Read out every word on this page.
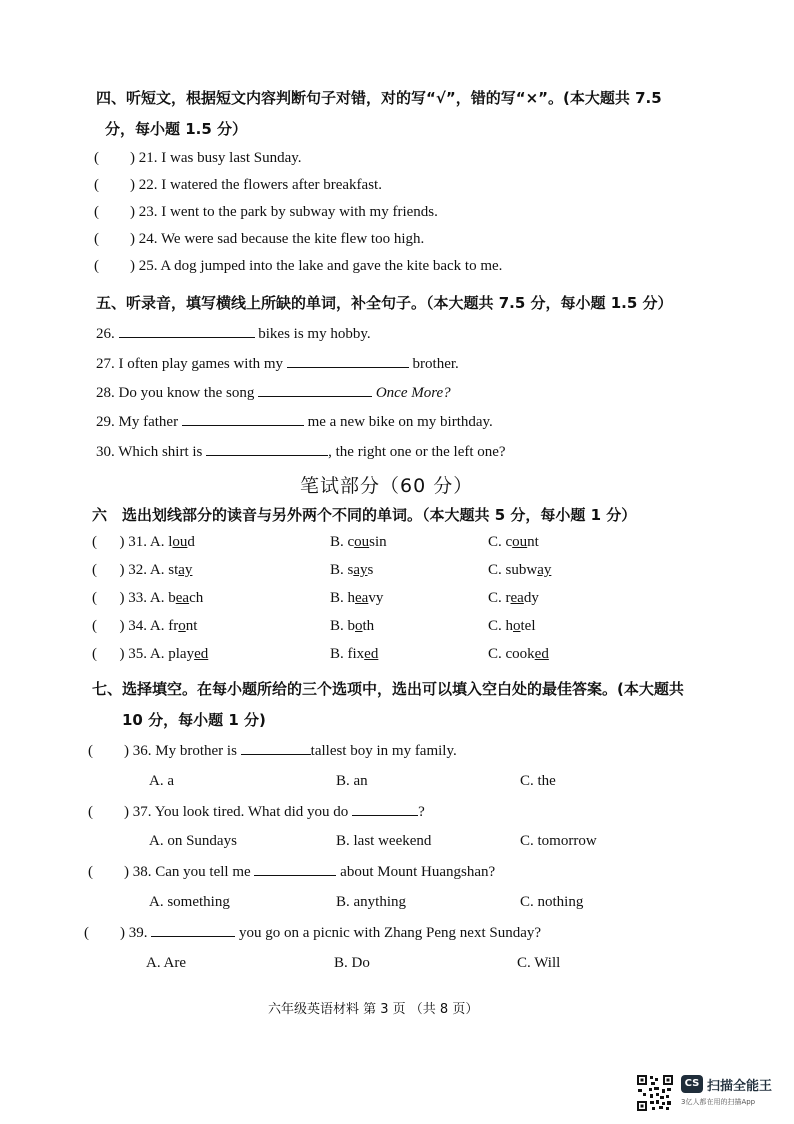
四、听短文，根据短文内容判断句子对错，对的写“√”，错的写“×”。(本大题共 7.5
分，每小题 1.5 分）
( ) 21. I was busy last Sunday.
( ) 22. I watered the flowers after breakfast.
( ) 23. I went to the park by subway with my friends.
( ) 24. We were sad because the kite flew too high.
( ) 25. A dog jumped into the lake and gave the kite back to me.
五、听录音，填写横线上所缺的单词，补全句子。（本大题共 7.5 分，每小题 1.5 分）
26.	bikes is my hobby.
27. I often play games with my	brother.
28. Do you know the song	Once More?
29. My father	me a new bike on my birthday.
30. Which shirt is	, the right one or the left one?
笔试部分（60 分）
六　选出划线部分的读音与另外两个不同的单词。（本大题共 5 分，每小题 1 分）
(      ) 31. A. loud	B. cousin	C. count
(      ) 32. A. stay	B. says	C. subway
(      ) 33. A. beach	B. heavy	C. ready
(      ) 34. A. front	B. both	C. hotel
(      ) 35. A. played	B. fixed	C. cooked
七、选择填空。在每小题所给的三个选项中，选出可以填入空白处的最佳答案。(本大题共
10 分，每小题 1 分)
( ) 36. My brother is	tallest boy in my family.
A. a	B. an	C. the
( ) 37. You look tired. What did you do	?
A. on Sundays	B. last weekend	C. tomorrow
( ) 38. Can you tell me	about Mount Huangshan?
A. something	B. anything	C. nothing
( ) 39.	you go on a picnic with Zhang Peng next Sunday?
A. Are	B. Do	C. Will
六年级英语材料 第 3 页 （共 8 页）
CS 扫描全能王
3亿人都在用的扫描App
